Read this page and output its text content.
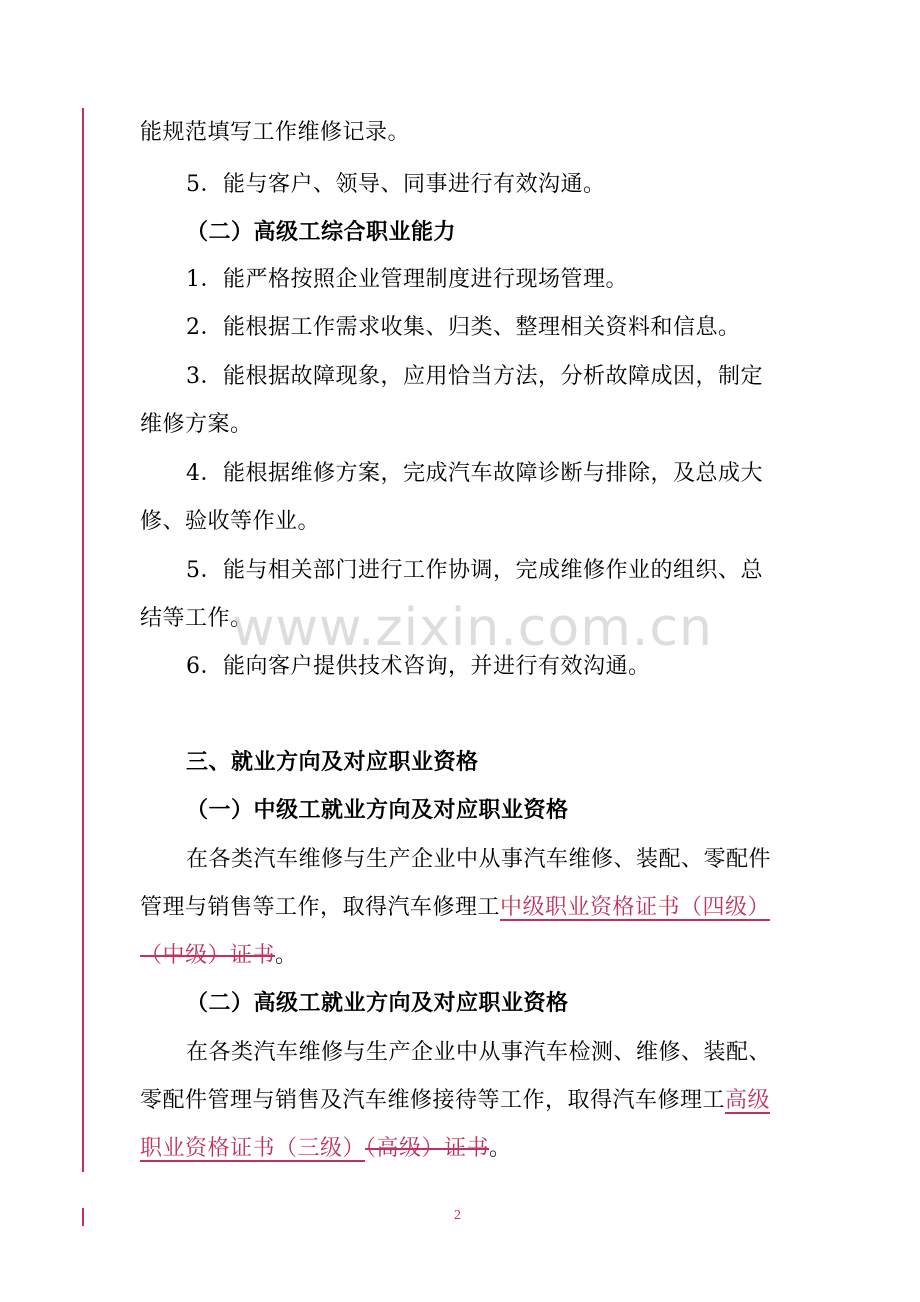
能规范填写工作维修记录。
5．能与客户、领导、同事进行有效沟通。
（二）高级工综合职业能力
1．能严格按照企业管理制度进行现场管理。
2．能根据工作需求收集、归类、整理相关资料和信息。
3．能根据故障现象，应用恰当方法，分析故障成因，制定
维修方案。
4．能根据维修方案，完成汽车故障诊断与排除，及总成大
修、验收等作业。
5．能与相关部门进行工作协调，完成维修作业的组织、总
结等工作。
6．能向客户提供技术咨询，并进行有效沟通。
三、就业方向及对应职业资格
（一）中级工就业方向及对应职业资格
在各类汽车维修与生产企业中从事汽车维修、装配、零配件
管理与销售等工作，取得汽车修理工中级职业资格证书（四级）
（中级）证书。
（二）高级工就业方向及对应职业资格
在各类汽车维修与生产企业中从事汽车检测、维修、装配、
零配件管理与销售及汽车维修接待等工作，取得汽车修理工高级
职业资格证书（三级）（高级）证书。
www.zixin.com.cn
2
